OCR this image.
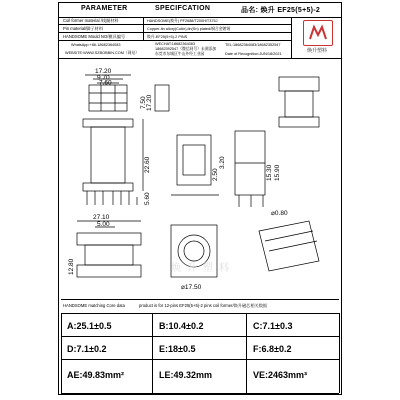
PARAMETER	SPECIFCATION	品名: 焕升 EF25(5+5)-2
Coil former material /线圈材料	HANDSOME(焕升) PF2688/T200H/T375J
Pin material/脚子材料	Copper-tin allory(Cu6n),tin(Sn) plated/铜合金镀锡
HANDSOME Mould NO/模具编号	焕升-EF25(5+5)-2 PINS
WhatsApp:+86-18682364083	WECHAT:18682364083
18682392547（微信同号）未满添加
TEL:18682364083/18682352547
WEBSITE:WWW.SZBOBBIN.COM（网站）	东莞市东城区牛山外经工业园	Date of Recognition:JUN/18/2021	焕升塑料
17.20
9.70
7.60
7.50 17.20
22.60
5.60
2.50
3.20
15.30 15.90
⌀0.80
27.10
5.00
12.80
⌀17.50
焕升塑料
HANDSOME matching Core data	product is for 12-pins EF25(5+5)-2 pins coil former/焕升磁芯相关数据
A:25.1±0.5	B:10.4±0.2	C:7.1±0.3
D:7.1±0.2	E:18±0.5	F:6.8±0.2
AE:49.83mm²	LE:49.32mm	VE:2463mm³
